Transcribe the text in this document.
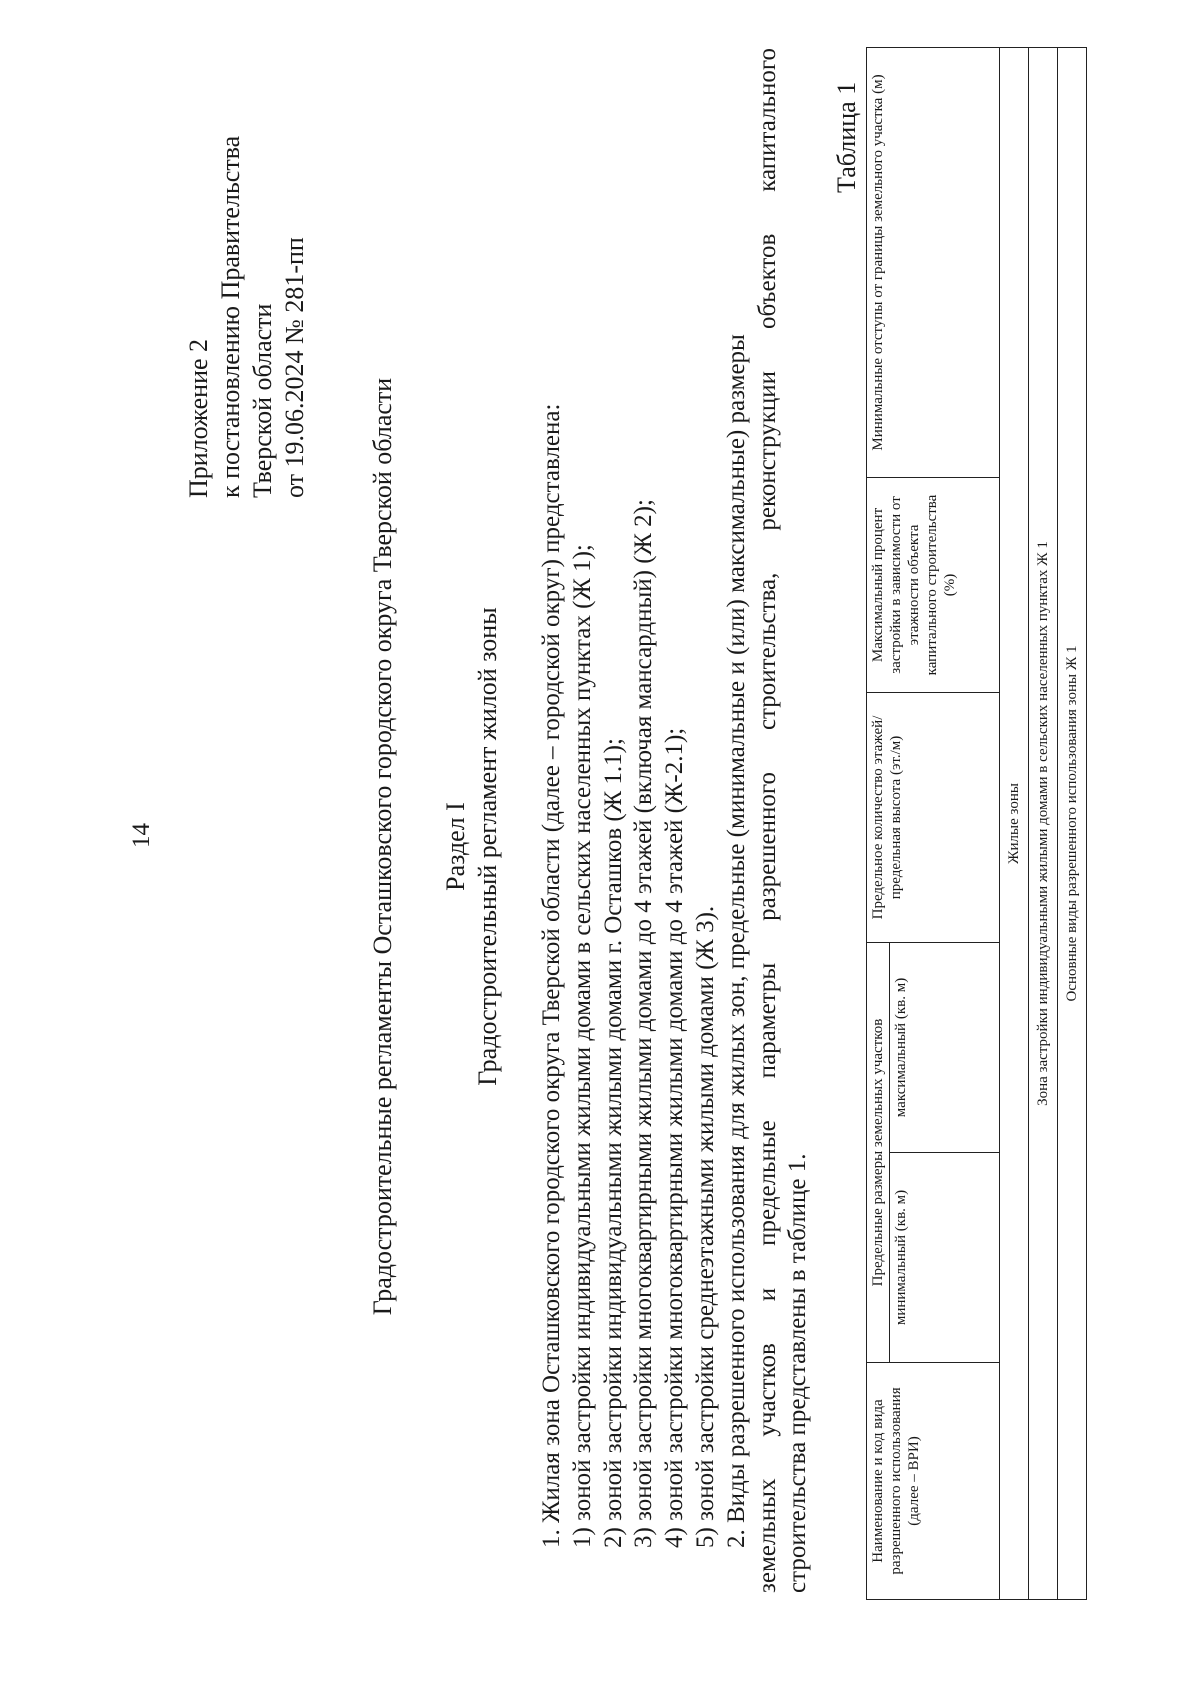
14
Приложение 2 к постановлению Правительства Тверской области от 19.06.2024 № 281-пп
Градостроительные регламенты Осташковского городского округа Тверской области Раздел I Градостроительный регламент жилой зоны 1. Жилая зона Осташковского городского округа Тверской области (далее – городской округ) представлена: 1) зоной застройки индивидуальными жилыми домами в сельских населенных пунктах (Ж 1); 2) зоной застройки индивидуальными жилыми домами г. Осташков (Ж 1.1); 3) зоной застройки многоквартирными жилыми домами до 4 этажей (включая мансардный) (Ж 2); 4) зоной застройки многоквартирными жилыми домами до 4 этажей (Ж-2.1); 5) зоной застройки среднеэтажными жилыми домами (Ж 3). 2. Виды разрешенного использования для жилых зон, предельные (минимальные и (или) максимальные) размеры земельных участков и предельные параметры разрешенного строительства, реконструкции объектов капитального строительства представлены в таблице 1.

Таблица 1
Наименование и код вида разрешенного использования (далее – ВРИ)	Предельные размеры земельных участков		Предельное количество этажей/ предельная высота (эт./м)	Максимальный процент застройки в зависимости от этажности объекта капитального строительства (%)	Минимальные отступы от границы земельного участка (м)
	минимальный (кв. м)	максимальный (кв. м)			
Жилые зоны					
Зона застройки индивидуальными жилыми домами в сельских населенных пунктах Ж 1					
Основные виды разрешенного использования зоны Ж 1					
